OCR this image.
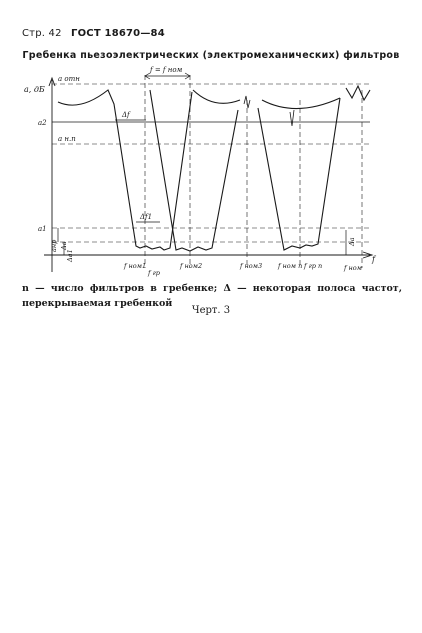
Стр. 42 ГОСТ 18670—84
Гребенка пьезоэлектрических (электромеханических) фильтров
a, дБ
a отн
a н.п
a2
a1
Δf
Δf1
f = f ном
aнр Δa
Δa1
Δa
f ном1
f гр
f ном2	f ном3 f ном n f гр n	f ном
f
n — число фильтров в гребенке; Δ — некоторая полоса частот, перекрываемая гребенкой
Черт. 3
